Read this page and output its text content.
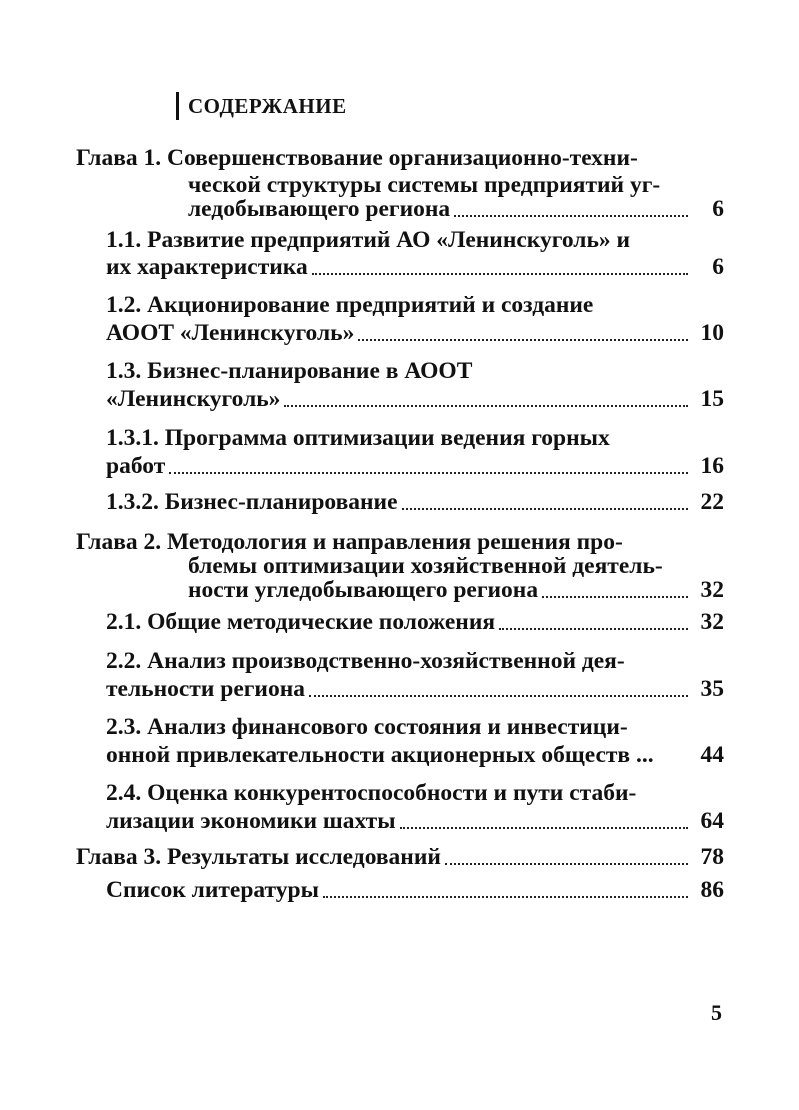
СОДЕРЖАНИЕ
Глава 1. Совершенствование организационно-техни-
ческой структуры системы предприятий уг-
ледобывающего региона	6
1.1. Развитие предприятий АО «Ленинскуголь» и
их характеристика	6
1.2. Акционирование предприятий и создание
АООТ «Ленинскуголь»	10
1.3. Бизнес-планирование в АООТ
«Ленинскуголь»	15
1.3.1. Программа оптимизации ведения горных
работ	16
1.3.2. Бизнес-планирование	22
Глава 2. Методология и направления решения про-
блемы оптимизации хозяйственной деятель-
ности угледобывающего региона	32
2.1. Общие методические положения	32
2.2. Анализ производственно-хозяйственной дея-
тельности региона	35
2.3. Анализ финансового состояния и инвестици-
онной привлекательности акционерных обществ ... 44
2.4. Оценка конкурентоспособности и пути стаби-
лизации экономики шахты	64
Глава 3. Результаты исследований	78
Список литературы	86
5
